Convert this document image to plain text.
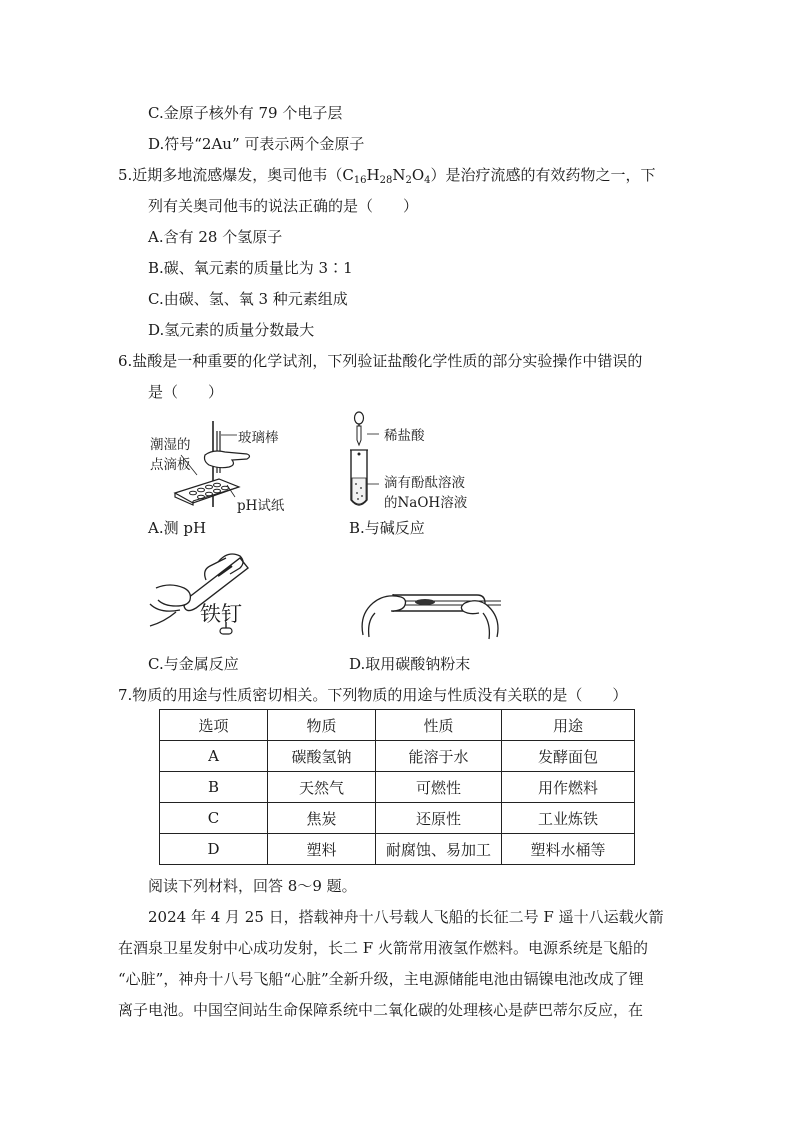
C.金原子核外有 79 个电子层
D.符号“2Au” 可表示两个金原子
5.近期多地流感爆发，奥司他韦$(C_{16}H_{28}N_2O_4)$是治疗流感的有效药物之一，下
列有关奥司他韦的说法正确的是（　　）
A.含有 28 个氢原子
B.碳、氧元素的质量比为 3∶1
C.由碳、氢、氧 3 种元素组成
D.氢元素的质量分数最大
6.盐酸是一种重要的化学试剂，下列验证盐酸化学性质的部分实验操作中错误的
是（　　）
潮湿的
点滴板
玻璃棒
pH试纸
A.测 pH
稀盐酸
滴有酚酞溶液
的NaOH溶液
B.与碱反应
铁钉
C.与金属反应	D.取用碳酸钠粉末
7.物质的用途与性质密切相关。下列物质的用途与性质没有关联的是（　　）
选项	物质	性质	用途
A	碳酸氢钠	能溶于水	发酵面包
B	天然气	可燃性	用作燃料
C	焦炭	还原性	工业炼铁
D	塑料	耐腐蚀、易加工	塑料水桶等
阅读下列材料，回答 8～9 题。
2024 年 4 月 25 日，搭载神舟十八号载人飞船的长征二号 F 遥十八运载火箭
在酒泉卫星发射中心成功发射，长二 F 火箭常用液氢作燃料。电源系统是飞船的
“心脏”，神舟十八号飞船“心脏”全新升级，主电源储能电池由镉镍电池改成了锂
离子电池。中国空间站生命保障系统中二氧化碳的处理核心是萨巴蒂尔反应，在
